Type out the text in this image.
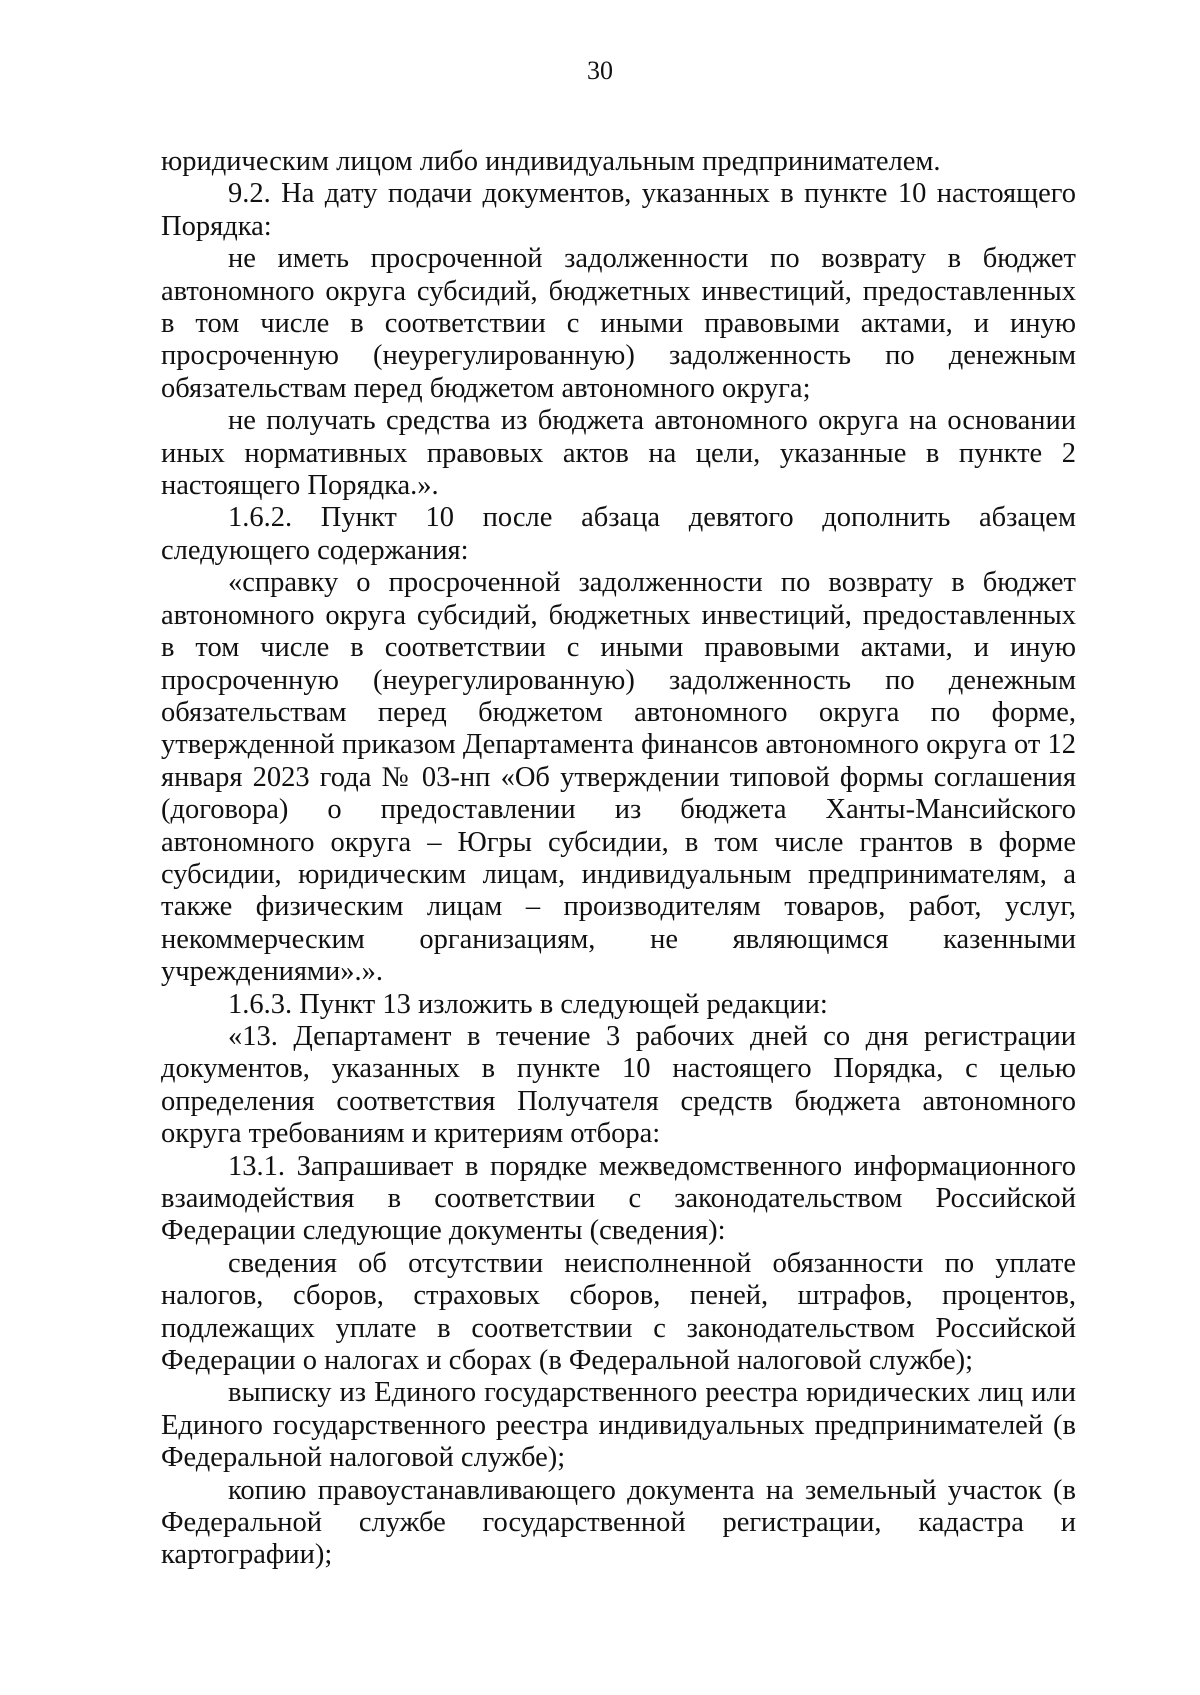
30

юридическим лицом либо индивидуальным предпринимателем.

9.2. На дату подачи документов, указанных в пункте 10 настоящего Порядка:

не иметь просроченной задолженности по возврату в бюджет автономного округа субсидий, бюджетных инвестиций, предоставленных в том числе в соответствии с иными правовыми актами, и иную просроченную (неурегулированную) задолженность по денежным обязательствам перед бюджетом автономного округа;

не получать средства из бюджета автономного округа на основании иных нормативных правовых актов на цели, указанные в пункте 2 настоящего Порядка.».

1.6.2. Пункт 10 после абзаца девятого дополнить абзацем следующего содержания:

«справку о просроченной задолженности по возврату в бюджет автономного округа субсидий, бюджетных инвестиций, предоставленных в том числе в соответствии с иными правовыми актами, и иную просроченную (неурегулированную) задолженность по денежным обязательствам перед бюджетом автономного округа по форме, утвержденной приказом Департамента финансов автономного округа от 12 января 2023 года № 03-нп «Об утверждении типовой формы соглашения (договора) о предоставлении из бюджета Ханты-Мансийского автономного округа – Югры субсидии, в том числе грантов в форме субсидии, юридическим лицам, индивидуальным предпринимателям, а также физическим лицам – производителям товаров, работ, услуг, некоммерческим организациям, не являющимся казенными учреждениями».».

1.6.3. Пункт 13 изложить в следующей редакции:

«13. Департамент в течение 3 рабочих дней со дня регистрации документов, указанных в пункте 10 настоящего Порядка, с целью определения соответствия Получателя средств бюджета автономного округа требованиям и критериям отбора:

13.1. Запрашивает в порядке межведомственного информационного взаимодействия в соответствии с законодательством Российской Федерации следующие документы (сведения):

сведения об отсутствии неисполненной обязанности по уплате налогов, сборов, страховых сборов, пеней, штрафов, процентов, подлежащих уплате в соответствии с законодательством Российской Федерации о налогах и сборах (в Федеральной налоговой службе);

выписку из Единого государственного реестра юридических лиц или Единого государственного реестра индивидуальных предпринимателей (в Федеральной налоговой службе);

копию правоустанавливающего документа на земельный участок (в Федеральной службе государственной регистрации, кадастра и картографии);
